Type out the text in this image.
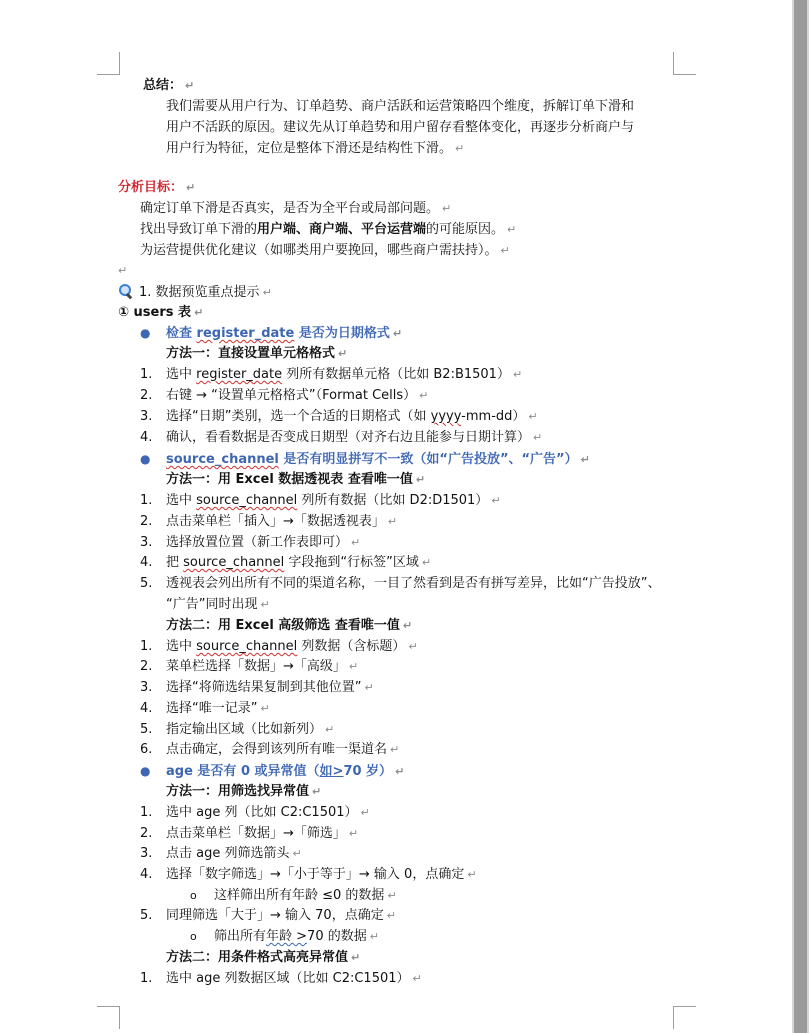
总结： ↵
我们需要从用户行为、订单趋势、商户活跃和运营策略四个维度，拆解订单下滑和
用户不活跃的原因。建议先从订单趋势和用户留存看整体变化，再逐步分析商户与
用户行为特征，定位是整体下滑还是结构性下滑。 ↵
分析目标： ↵
确定订单下滑是否真实，是否为全平台或局部问题。 ↵
找出导致订单下滑的用户端、商户端、平台运营端的可能原因。 ↵
为运营提供优化建议（如哪类用户要挽回，哪些商户需扶持）。 ↵
↵
1. 数据预览重点提示 ↵
① users 表 ↵
● 检查 register_date 是否为日期格式 ↵
方法一：直接设置单元格格式 ↵
1. 选中 register_date 列所有数据单元格（比如 B2:B1501） ↵
2. 右键 → “设置单元格格式”（Format Cells） ↵
3. 选择“日期”类别，选一个合适的日期格式（如 yyyy-mm-dd） ↵
4. 确认，看看数据是否变成日期型（对齐右边且能参与日期计算） ↵
● source_channel 是否有明显拼写不一致（如“广告投放”、“广告”） ↵
方法一：用 Excel 数据透视表 查看唯一值 ↵
1. 选中 source_channel 列所有数据（比如 D2:D1501） ↵
2. 点击菜单栏「插入」→「数据透视表」 ↵
3. 选择放置位置（新工作表即可） ↵
4. 把 source_channel 字段拖到“行标签”区域 ↵
5. 透视表会列出所有不同的渠道名称，一目了然看到是否有拼写差异，比如“广告投放”、
“广告”同时出现 ↵
方法二：用 Excel 高级筛选 查看唯一值 ↵
1. 选中 source_channel 列数据（含标题） ↵
2. 菜单栏选择「数据」→「高级」 ↵
3. 选择“将筛选结果复制到其他位置” ↵
4. 选择“唯一记录” ↵
5. 指定输出区域（比如新列） ↵
6. 点击确定，会得到该列所有唯一渠道名 ↵
● age 是否有 0 或异常值（如>70 岁） ↵
方法一：用筛选找异常值 ↵
1. 选中 age 列（比如 C2:C1501） ↵
2. 点击菜单栏「数据」→「筛选」 ↵
3. 点击 age 列筛选箭头 ↵
4. 选择「数字筛选」→「小于等于」→ 输入 0，点确定 ↵
o 这样筛出所有年龄 ≤0 的数据 ↵
5. 同理筛选「大于」→ 输入 70，点确定 ↵
o 筛出所有年龄 >70 的数据 ↵
方法二：用条件格式高亮异常值 ↵
1. 选中 age 列数据区域（比如 C2:C1501） ↵
